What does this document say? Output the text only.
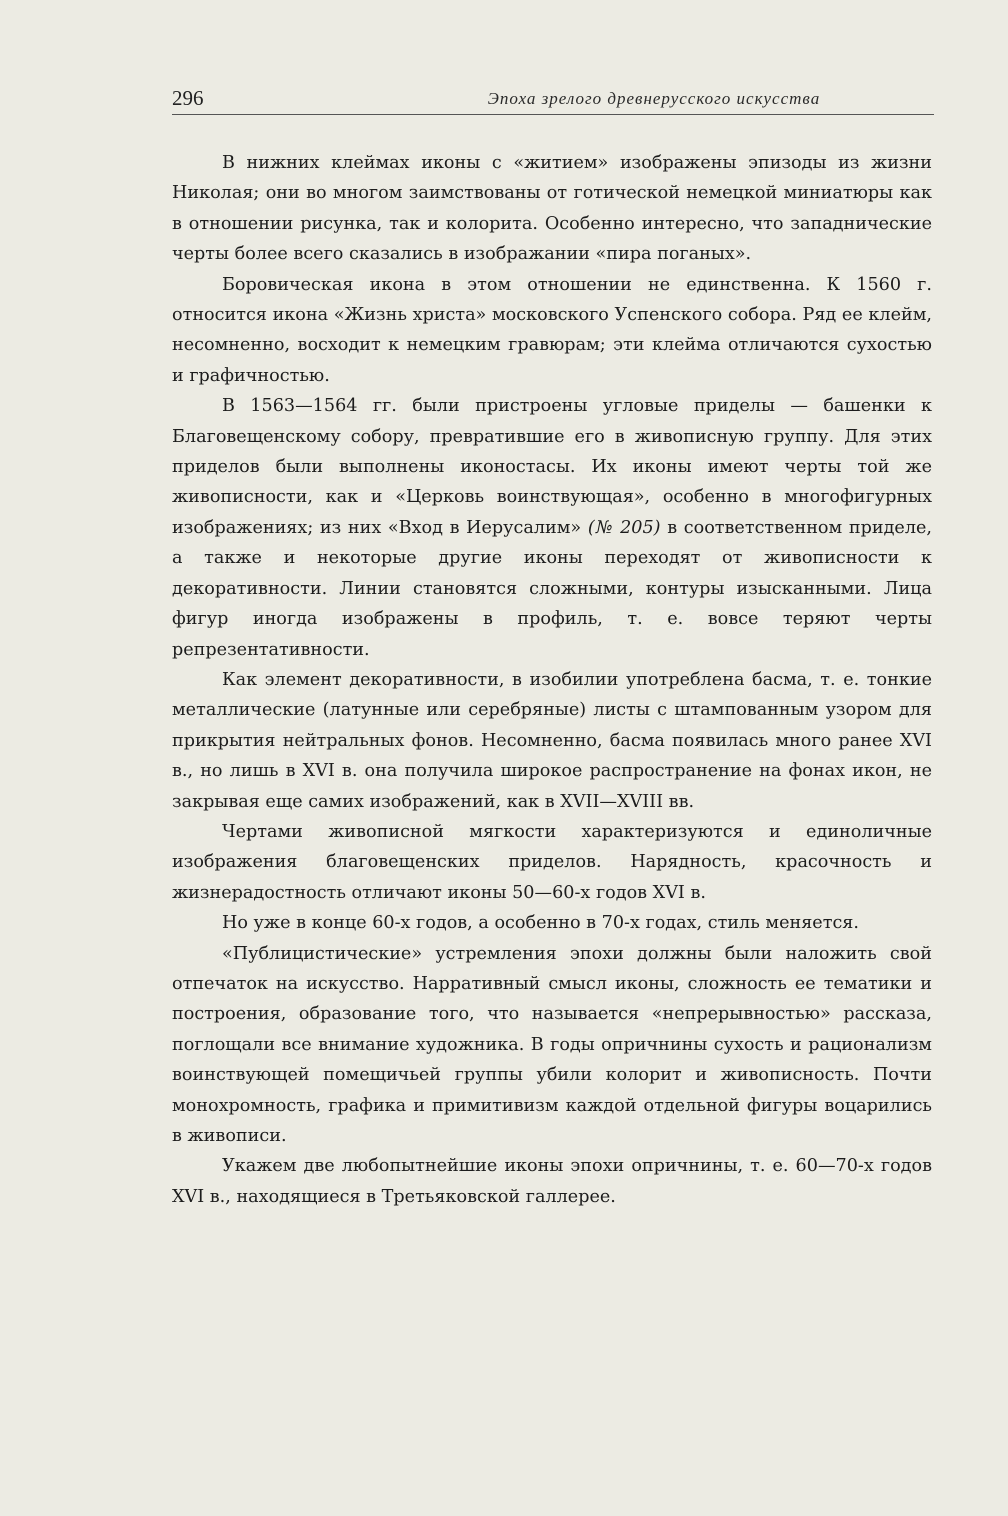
296	Эпоха зрелого древнерусского искусства

В нижних клеймах иконы с «житием» изображены эпизоды из жизни Николая; они во многом заимствованы от готической немецкой миниатюры как в отношении рисунка, так и колорита. Особенно интересно, что западнические черты более всего сказались в изображании «пира поганых».

Боровическая икона в этом отношении не единственна. К 1560 г. относится икона «Жизнь христа» московского Успенского собора. Ряд ее клейм, несомненно, восходит к немецким гравюрам; эти клейма отличаются сухостью и графичностью.

В 1563—1564 гг. были пристроены угловые приделы — башенки к Благовещенскому собору, превратившие его в живописную группу. Для этих приделов были выполнены иконостасы. Их иконы имеют черты той же живописности, как и «Церковь воинствующая», особенно в многофигурных изображениях; из них «Вход в Иерусалим» (№ 205) в соответственном приделе, а также и некоторые другие иконы переходят от живописности к декоративности. Линии становятся сложными, контуры изысканными. Лица фигур иногда изображены в профиль, т. е. вовсе теряют черты репрезентативности.

Как элемент декоративности, в изобилии употреблена басма, т. е. тонкие металлические (латунные или серебряные) листы с штампованным узором для прикрытия нейтральных фонов. Несомненно, басма появилась много ранее XVI в., но лишь в XVI в. она получила широкое распространение на фонах икон, не закрывая еще самих изображений, как в XVII—XVIII вв.

Чертами живописной мягкости характеризуются и единоличные изображения благовещенских приделов. Нарядность, красочность и жизнерадостность отличают иконы 50—60-х годов XVI в.

Но уже в конце 60-х годов, а особенно в 70-х годах, стиль меняется.

«Публицистические» устремления эпохи должны были наложить свой отпечаток на искусство. Нарративный смысл иконы, сложность ее тематики и построения, образование того, что называется «непрерывностью» рассказа, поглощали все внимание художника. В годы опричнины сухость и рационализм воинствующей помещичьей группы убили колорит и живописность. Почти монохромность, графика и примитивизм каждой отдельной фигуры воцарились в живописи.

Укажем две любопытнейшие иконы эпохи опричнины, т. е. 60—70-х годов XVI в., находящиеся в Третьяковской галлерее.
